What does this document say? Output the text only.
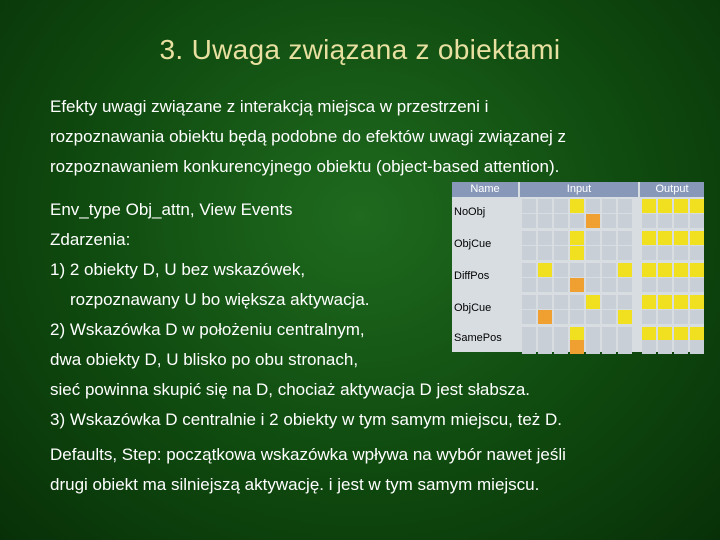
3. Uwaga związana z obiektami
Efekty uwagi związane z interakcją miejsca w przestrzeni i
rozpoznawania obiektu będą podobne do efektów uwagi związanej z
rozpoznawaniem konkurencyjnego obiektu (object-based attention).
Env_type Obj_attn, View Events
Zdarzenia:
1) 2 obiekty D, U bez wskazówek,
rozpoznawany U bo większa aktywacja.
2) Wskazówka D w położeniu centralnym,
dwa obiekty D, U blisko po obu stronach,
sieć powinna skupić się na D, chociaż aktywacja D jest słabsza.
3) Wskazówka D centralnie i 2 obiekty w tym samym miejscu, też D.
Defaults, Step: początkowa wskazówka wpływa na wybór nawet jeśli
drugi obiekt ma silniejszą aktywację. i jest w tym samym miejscu.
Name	Input	Output
NoObj
ObjCue
DiffPos
ObjCue
SamePos
